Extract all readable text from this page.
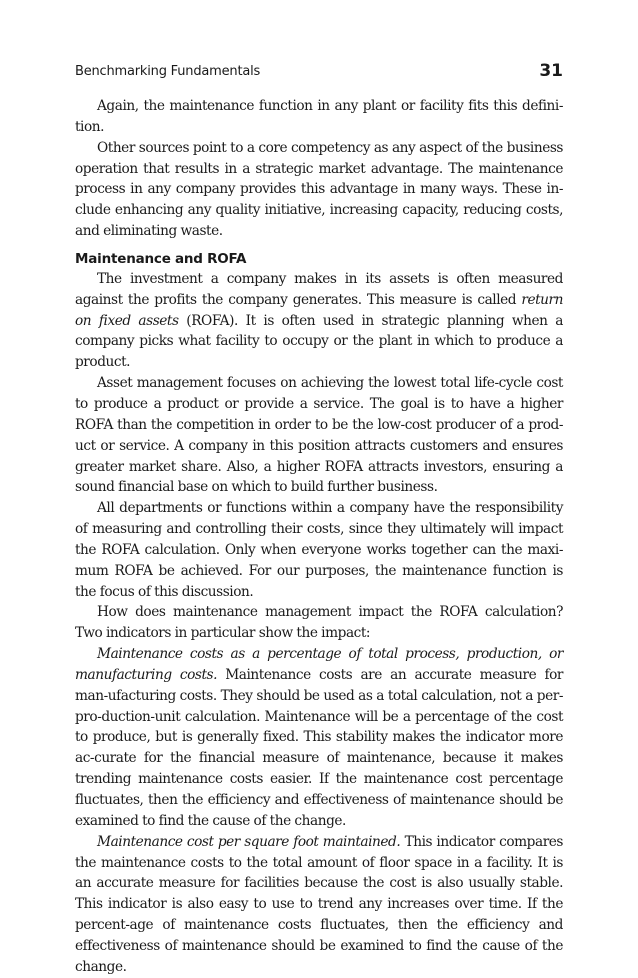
Benchmarking Fundamentals	31

Again, the maintenance function in any plant or facility fits this defini-tion.

Other sources point to a core competency as any aspect of the business operation that results in a strategic market advantage. The maintenance process in any company provides this advantage in many ways. These in-clude enhancing any quality initiative, increasing capacity, reducing costs, and eliminating waste.

Maintenance and ROFA

The investment a company makes in its assets is often measured against the profits the company generates. This measure is called return on fixed assets (ROFA). It is often used in strategic planning when a company picks what facility to occupy or the plant in which to produce a product.

Asset management focuses on achieving the lowest total life-cycle cost to produce a product or provide a service. The goal is to have a higher ROFA than the competition in order to be the low-cost producer of a prod-uct or service. A company in this position attracts customers and ensures greater market share. Also, a higher ROFA attracts investors, ensuring a sound financial base on which to build further business.

All departments or functions within a company have the responsibility of measuring and controlling their costs, since they ultimately will impact the ROFA calculation. Only when everyone works together can the maxi-mum ROFA be achieved. For our purposes, the maintenance function is the focus of this discussion.

How does maintenance management impact the ROFA calculation? Two indicators in particular show the impact:

Maintenance costs as a percentage of total process, production, or manufacturing costs. Maintenance costs are an accurate measure for man-ufacturing costs. They should be used as a total calculation, not a per-pro-duction-unit calculation. Maintenance will be a percentage of the cost to produce, but is generally fixed. This stability makes the indicator more ac-curate for the financial measure of maintenance, because it makes trending maintenance costs easier. If the maintenance cost percentage fluctuates, then the efficiency and effectiveness of maintenance should be examined to find the cause of the change.

Maintenance cost per square foot maintained. This indicator compares the maintenance costs to the total amount of floor space in a facility. It is an accurate measure for facilities because the cost is also usually stable. This indicator is also easy to use to trend any increases over time. If the percent-age of maintenance costs fluctuates, then the efficiency and effectiveness of maintenance should be examined to find the cause of the change.
